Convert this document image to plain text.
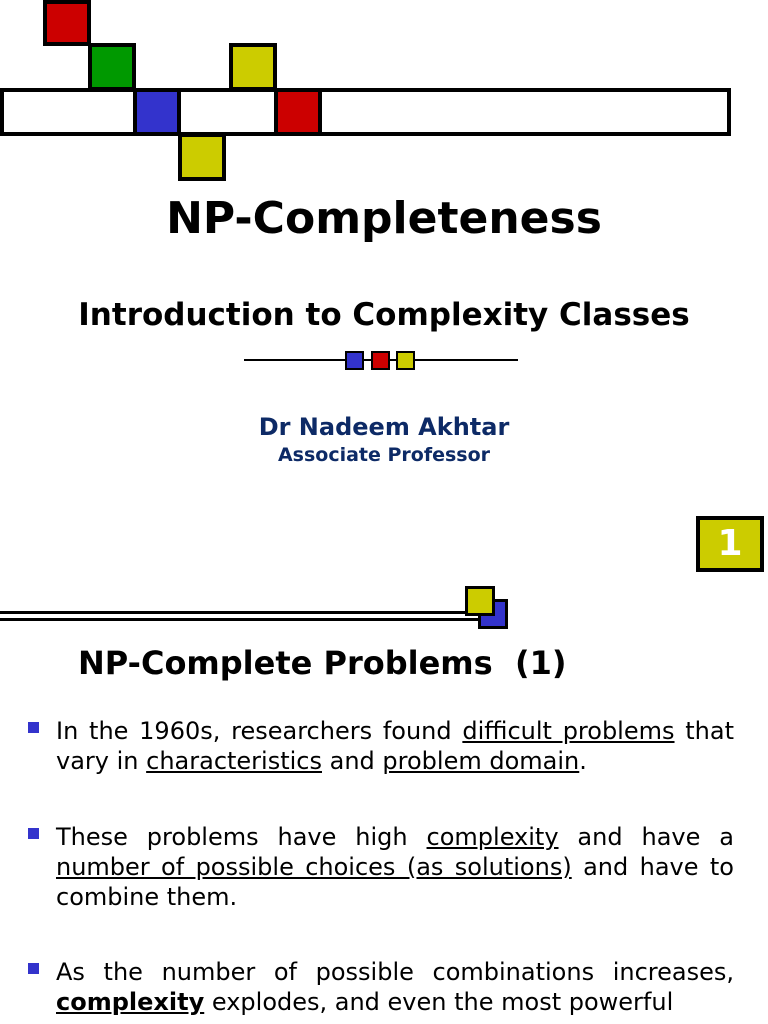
NP-Completeness
Introduction to Complexity Classes
Dr Nadeem Akhtar
Associate Professor
1
NP-Complete Problems  (1)

In the 1960s, researchers found difficult problems that vary in characteristics and problem domain.

These problems have high complexity and have a number of possible choices (as solutions) and have to combine them.

As the number of possible combinations increases, complexity explodes, and even the most powerful
